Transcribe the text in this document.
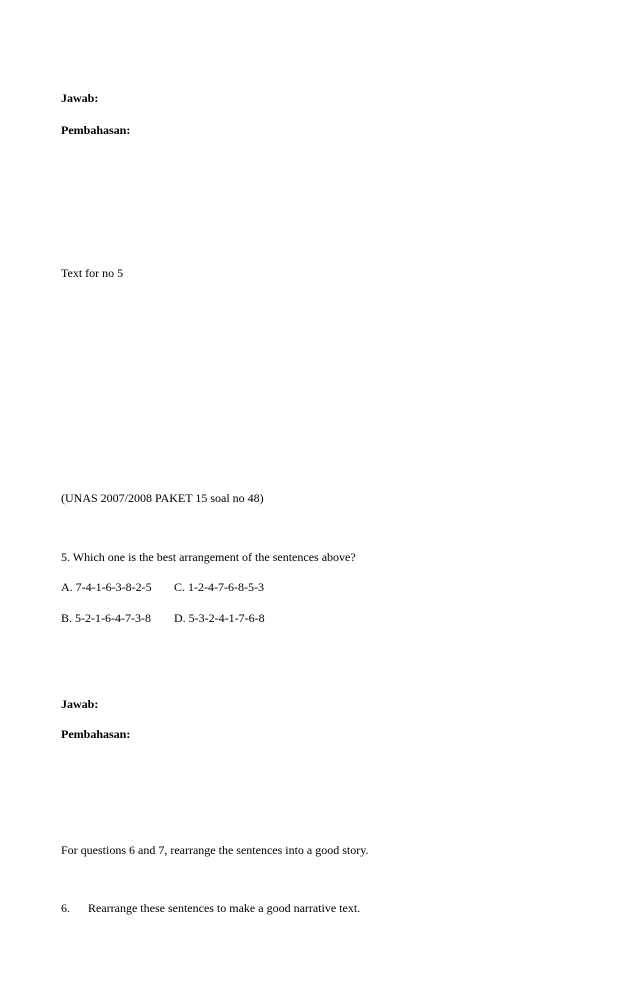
Jawab:
Pembahasan:
Text for no 5
(UNAS 2007/2008 PAKET 15 soal no 48)
5. Which one is the best arrangement of the sentences above?
A. 7-4-1-6-3-8-2-5 C. 1-2-4-7-6-8-5-3
B. 5-2-1-6-4-7-3-8 D. 5-3-2-4-1-7-6-8
Jawab:
Pembahasan:
For questions 6 and 7, rearrange the sentences into a good story.
6. Rearrange these sentences to make a good narrative text.
